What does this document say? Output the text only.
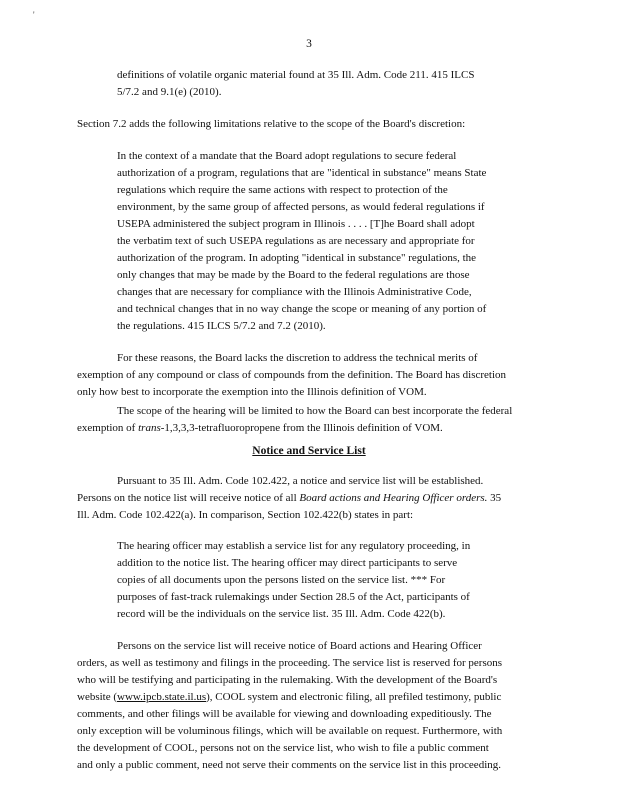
'
3
definitions of volatile organic material found at 35 Ill. Adm. Code 211. 415 ILCS
5/7.2 and 9.1(e) (2010).
Section 7.2 adds the following limitations relative to the scope of the Board's discretion:
In the context of a mandate that the Board adopt regulations to secure federal
authorization of a program, regulations that are "identical in substance" means State
regulations which require the same actions with respect to protection of the
environment, by the same group of affected persons, as would federal regulations if
USEPA administered the subject program in Illinois . . . . [T]he Board shall adopt
the verbatim text of such USEPA regulations as are necessary and appropriate for
authorization of the program. In adopting "identical in substance" regulations, the
only changes that may be made by the Board to the federal regulations are those
changes that are necessary for compliance with the Illinois Administrative Code,
and technical changes that in no way change the scope or meaning of any portion of
the regulations. 415 ILCS 5/7.2 and 7.2 (2010).
For these reasons, the Board lacks the discretion to address the technical merits of
exemption of any compound or class of compounds from the definition. The Board has discretion
only how best to incorporate the exemption into the Illinois definition of VOM.
The scope of the hearing will be limited to how the Board can best incorporate the federal
exemption of trans-1,3,3,3-tetrafluoropropene from the Illinois definition of VOM.
Notice and Service List
Pursuant to 35 Ill. Adm. Code 102.422, a notice and service list will be established.
Persons on the notice list will receive notice of all Board actions and Hearing Officer orders. 35
Ill. Adm. Code 102.422(a). In comparison, Section 102.422(b) states in part:
The hearing officer may establish a service list for any regulatory proceeding, in
addition to the notice list. The hearing officer may direct participants to serve
copies of all documents upon the persons listed on the service list. *** For
purposes of fast-track rulemakings under Section 28.5 of the Act, participants of
record will be the individuals on the service list. 35 Ill. Adm. Code 422(b).
Persons on the service list will receive notice of Board actions and Hearing Officer
orders, as well as testimony and filings in the proceeding. The service list is reserved for persons
who will be testifying and participating in the rulemaking. With the development of the Board's
website (www.ipcb.state.il.us), COOL system and electronic filing, all prefiled testimony, public
comments, and other filings will be available for viewing and downloading expeditiously. The
only exception will be voluminous filings, which will be available on request. Furthermore, with
the development of COOL, persons not on the service list, who wish to file a public comment
and only a public comment, need not serve their comments on the service list in this proceeding.
